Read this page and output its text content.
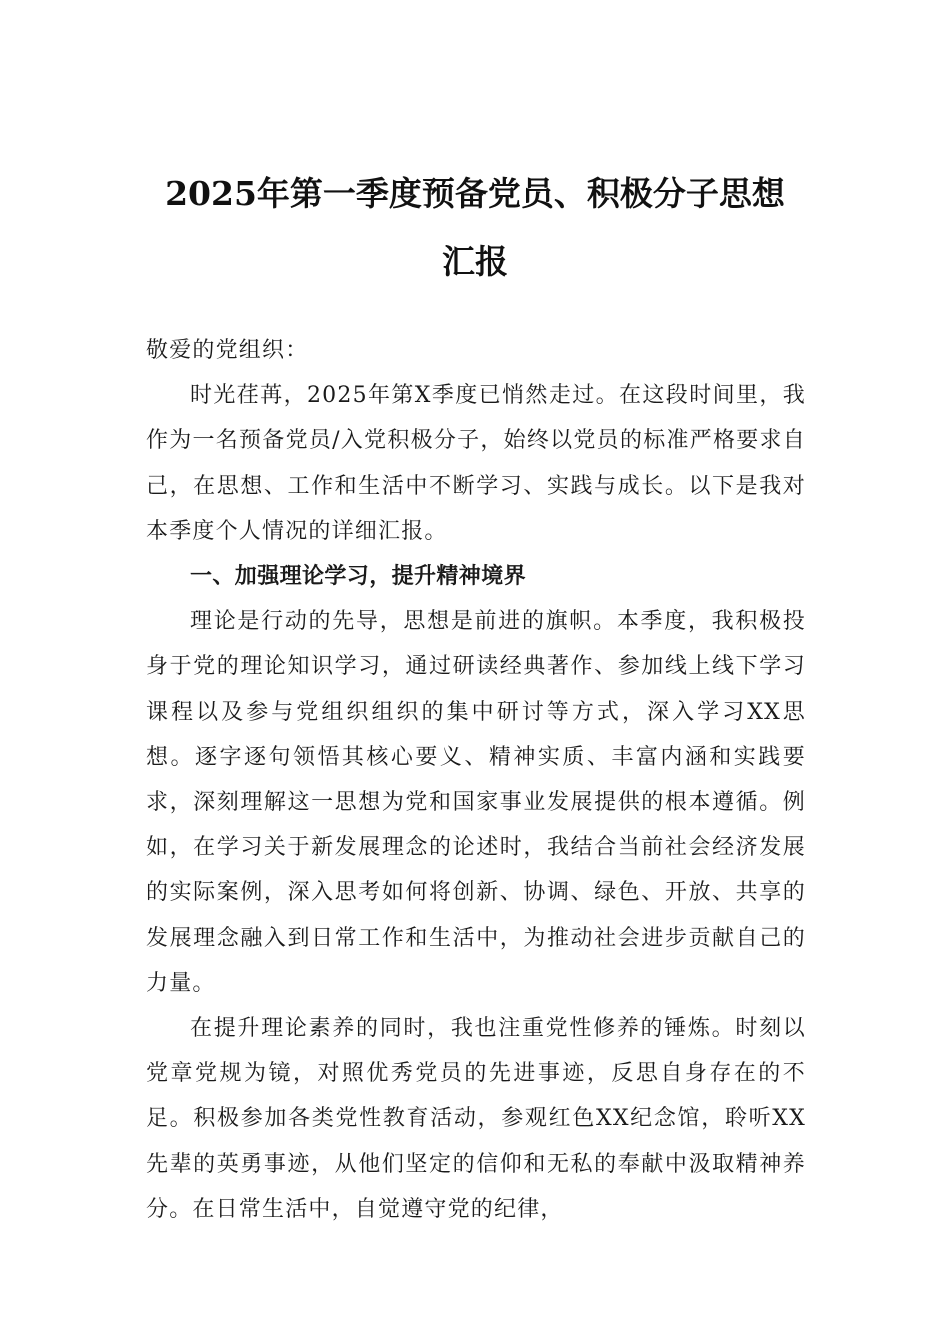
2025年第一季度预备党员、积极分子思想
汇报

敬爱的党组织：

时光荏苒，2025年第X季度已悄然走过。在这段时间里，我作为一名预备党员/入党积极分子，始终以党员的标准严格要求自己，在思想、工作和生活中不断学习、实践与成长。以下是我对本季度个人情况的详细汇报。

一、加强理论学习，提升精神境界

理论是行动的先导，思想是前进的旗帜。本季度，我积极投身于党的理论知识学习，通过研读经典著作、参加线上线下学习课程以及参与党组织组织的集中研讨等方式，深入学习XX思想。逐字逐句领悟其核心要义、精神实质、丰富内涵和实践要求，深刻理解这一思想为党和国家事业发展提供的根本遵循。例如，在学习关于新发展理念的论述时，我结合当前社会经济发展的实际案例，深入思考如何将创新、协调、绿色、开放、共享的发展理念融入到日常工作和生活中，为推动社会进步贡献自己的力量。

在提升理论素养的同时，我也注重党性修养的锤炼。时刻以党章党规为镜，对照优秀党员的先进事迹，反思自身存在的不足。积极参加各类党性教育活动，参观红色XX纪念馆，聆听XX先辈的英勇事迹，从他们坚定的信仰和无私的奉献中汲取精神养分。在日常生活中，自觉遵守党的纪律，
